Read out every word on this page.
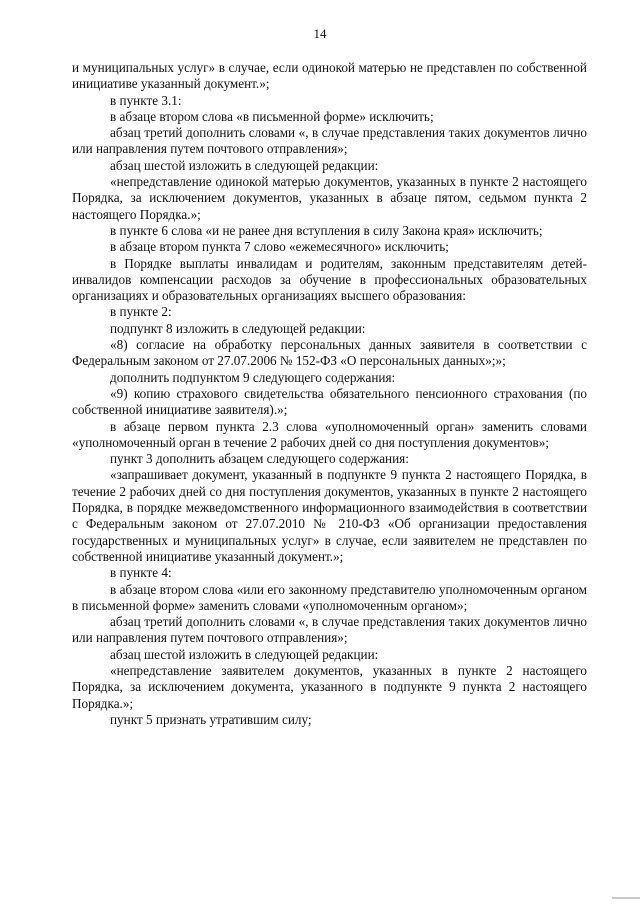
14

и муниципальных услуг» в случае, если одинокой матерью не представлен по собственной инициативе указанный документ.»;

в пункте 3.1:

в абзаце втором слова «в письменной форме» исключить;

абзац третий дополнить словами «, в случае представления таких документов лично или направления путем почтового отправления»;

абзац шестой изложить в следующей редакции:

«непредставление одинокой матерью документов, указанных в пункте 2 настоящего Порядка, за исключением документов, указанных в абзаце пятом, седьмом пункта 2 настоящего Порядка.»;

в пункте 6 слова «и не ранее дня вступления в силу Закона края» исключить;

в абзаце втором пункта 7 слово «ежемесячного» исключить;

в Порядке выплаты инвалидам и родителям, законным представителям детей-инвалидов компенсации расходов за обучение в профессиональных образовательных организациях и образовательных организациях высшего образования:

в пункте 2:

подпункт 8 изложить в следующей редакции:

«8) согласие на обработку персональных данных заявителя в соответствии с Федеральным законом от 27.07.2006 № 152-ФЗ «О персональных данных»;»;

дополнить подпунктом 9 следующего содержания:

«9) копию страхового свидетельства обязательного пенсионного страхования (по собственной инициативе заявителя).»;

в абзаце первом пункта 2.3 слова «уполномоченный орган» заменить словами «уполномоченный орган в течение 2 рабочих дней со дня поступления документов»;

пункт 3 дополнить абзацем следующего содержания:

«запрашивает документ, указанный в подпункте 9 пункта 2 настоящего Порядка, в течение 2 рабочих дней со дня поступления документов, указанных в пункте 2 настоящего Порядка, в порядке межведомственного информационного взаимодействия в соответствии с Федеральным законом от 27.07.2010 № 210-ФЗ «Об организации предоставления государственных и муниципальных услуг» в случае, если заявителем не представлен по собственной инициативе указанный документ.»;

в пункте 4:

в абзаце втором слова «или его законному представителю уполномоченным органом в письменной форме» заменить словами «уполномоченным органом»;

абзац третий дополнить словами «, в случае представления таких документов лично или направления путем почтового отправления»;

абзац шестой изложить в следующей редакции:

«непредставление заявителем документов, указанных в пункте 2 настоящего Порядка, за исключением документа, указанного в подпункте 9 пункта 2 настоящего Порядка.»;

пункт 5 признать утратившим силу;
